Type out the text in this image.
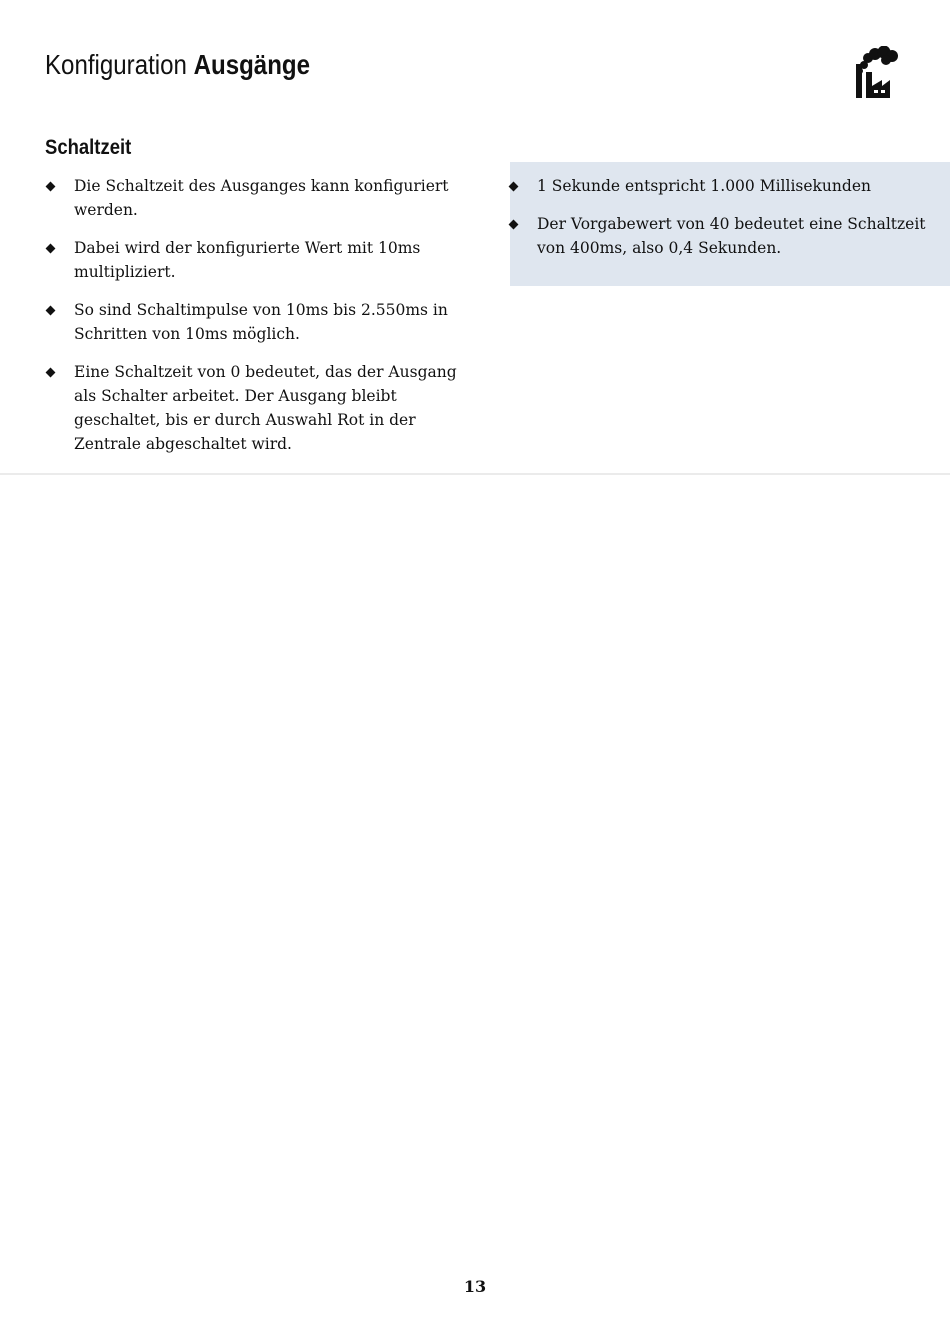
Konfiguration Ausgänge
Schaltzeit
Die Schaltzeit des Ausganges kann konfiguriert werden.
Dabei wird der konfigurierte Wert mit 10ms multipliziert.
So sind Schaltimpulse von 10ms bis 2.550ms in Schritten von 10ms möglich.
Eine Schaltzeit von 0 bedeutet, das der Ausgang als Schalter arbeitet. Der Ausgang bleibt geschaltet, bis er durch Auswahl Rot in der Zentrale abgeschaltet wird.
1 Sekunde entspricht 1.000 Millisekunden
Der Vorgabewert von 40 bedeutet eine Schaltzeit von 400ms, also 0,4 Sekunden.
13
